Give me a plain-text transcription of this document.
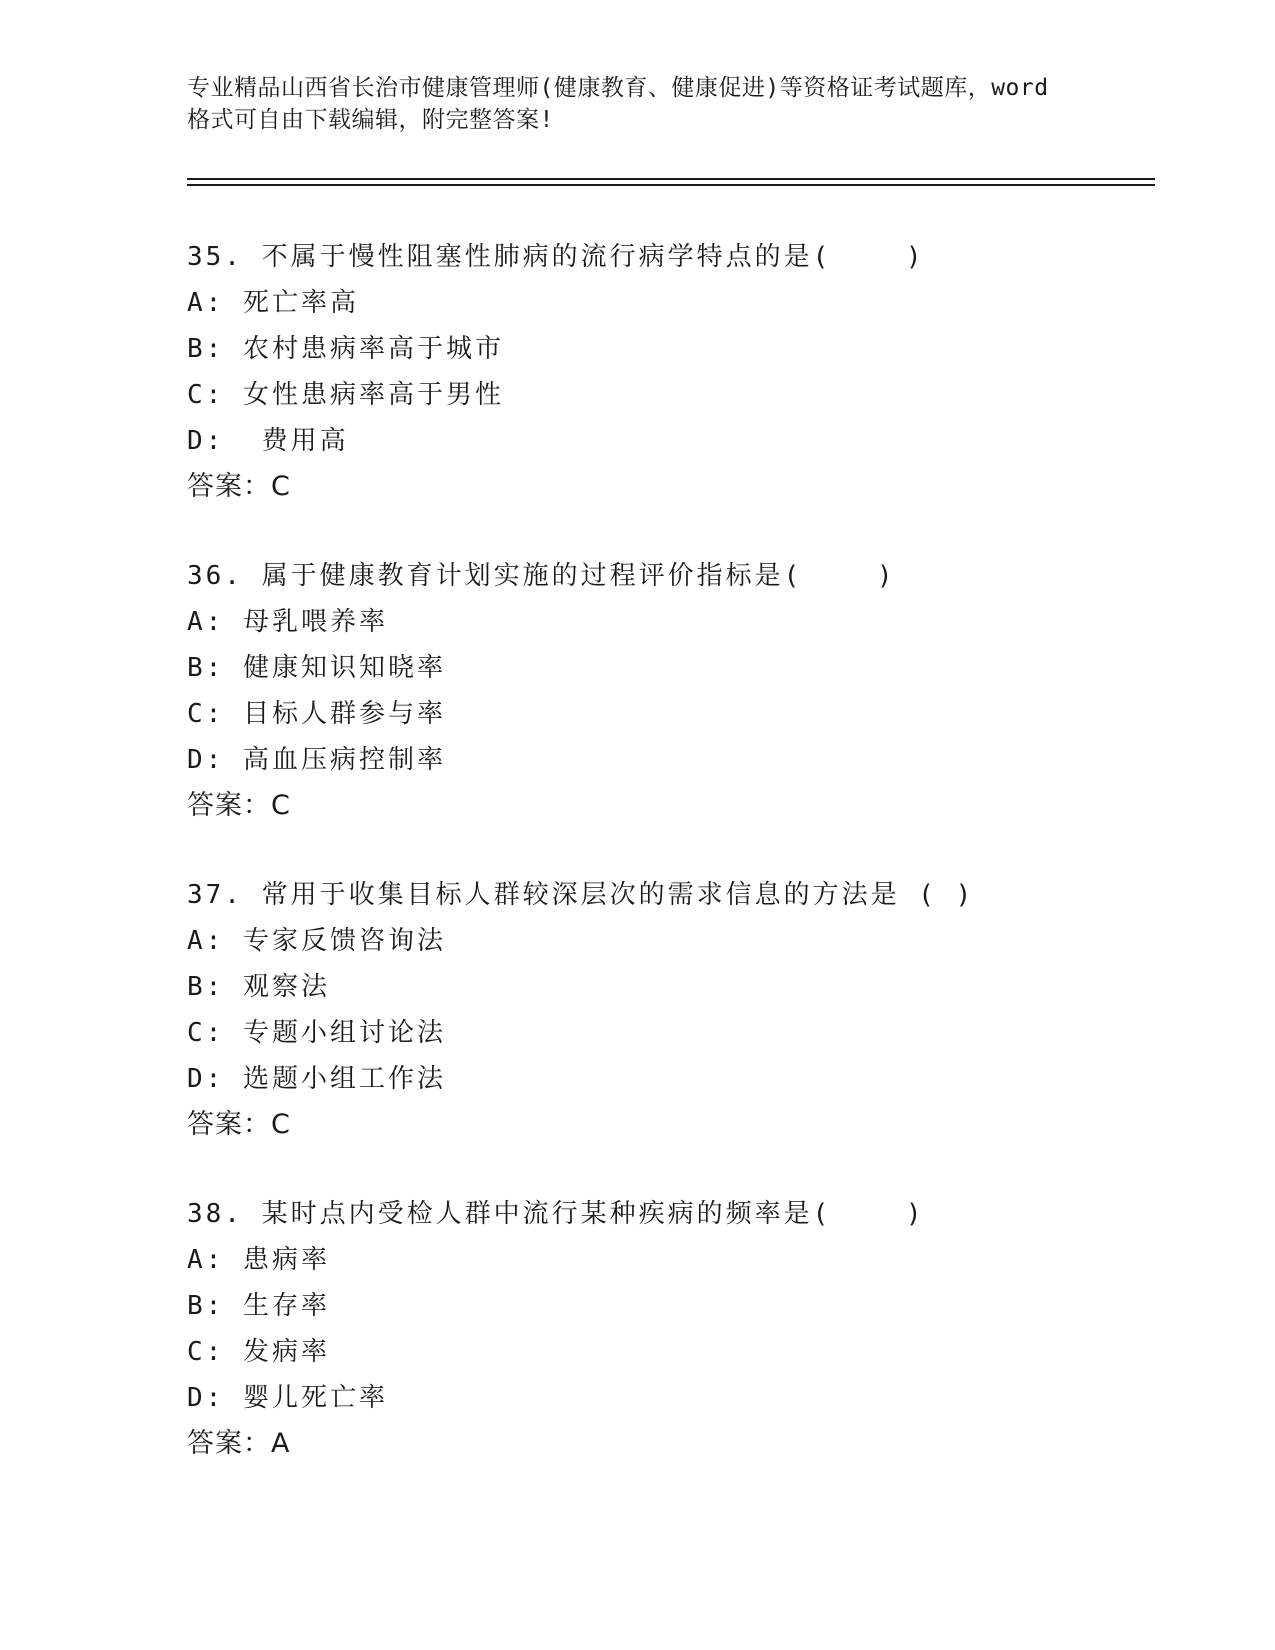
专业精品山西省长治市健康管理师(健康教育、健康促进)等资格证考试题库，word
格式可自由下载编辑，附完整答案!
35. 不属于慢性阻塞性肺病的流行病学特点的是(    )
A: 死亡率高
B: 农村患病率高于城市
C: 女性患病率高于男性
D:  费用高
答案：C
36. 属于健康教育计划实施的过程评价指标是(    )
A: 母乳喂养率
B: 健康知识知晓率
C: 目标人群参与率
D: 高血压病控制率
答案：C
37. 常用于收集目标人群较深层次的需求信息的方法是 ( )
A: 专家反馈咨询法
B: 观察法
C: 专题小组讨论法
D: 选题小组工作法
答案：C
38. 某时点内受检人群中流行某种疾病的频率是(    )
A: 患病率
B: 生存率
C: 发病率
D: 婴儿死亡率
答案：A
